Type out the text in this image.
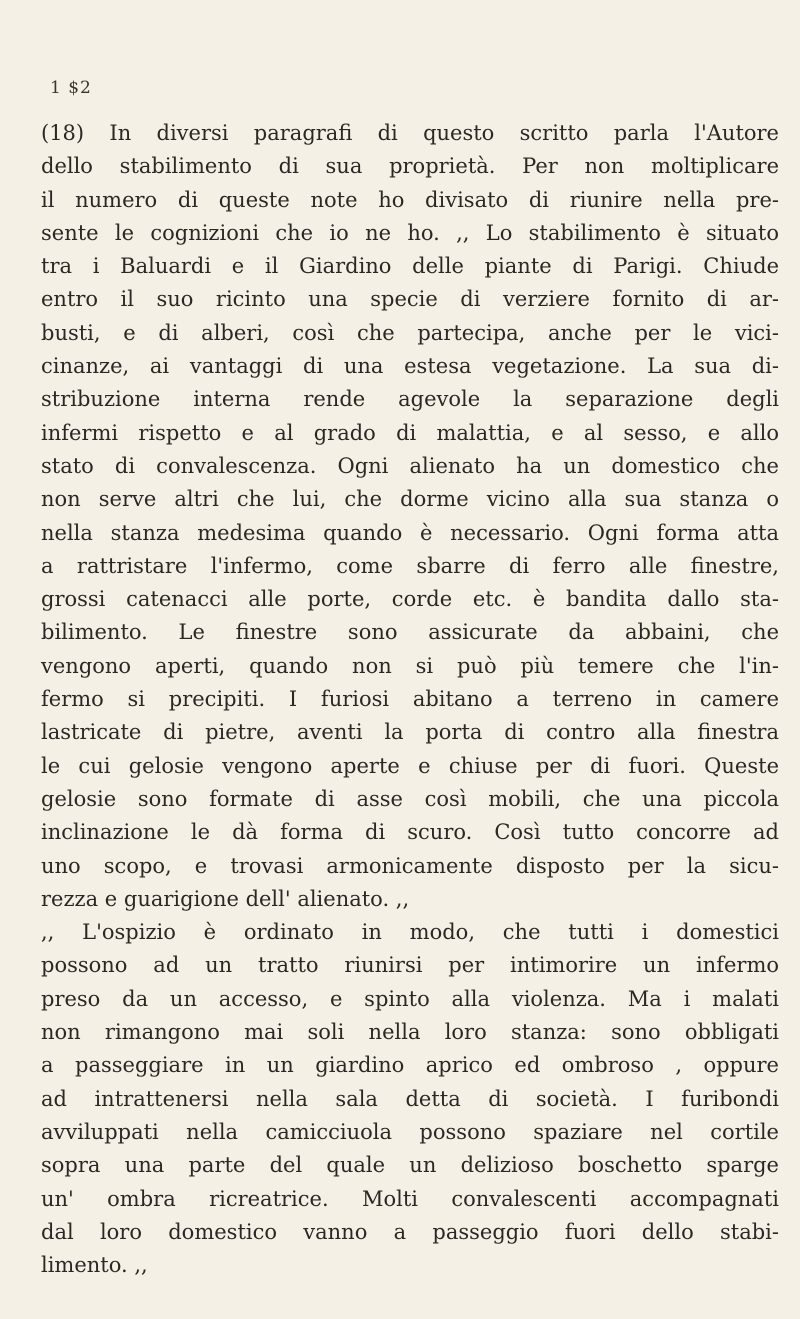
1 $2
(18) In diversi paragrafi di questo scritto parla l'Autore
dello stabilimento di sua proprietà. Per non moltiplicare
il numero di queste note ho divisato di riunire nella pre-
sente le cognizioni che io ne ho. ,, Lo stabilimento è situato
tra i Baluardi e il Giardino delle piante di Parigi. Chiude
entro il suo ricinto una specie di verziere fornito di ar-
busti, e di alberi, così che partecipa, anche per le vici-
cinanze, ai vantaggi di una estesa vegetazione. La sua di-
stribuzione interna rende agevole la separazione degli
infermi rispetto e al grado di malattia, e al sesso, e allo
stato di convalescenza. Ogni alienato ha un domestico che
non serve altri che lui, che dorme vicino alla sua stanza o
nella stanza medesima quando è necessario. Ogni forma atta
a rattristare l'infermo, come sbarre di ferro alle finestre,
grossi catenacci alle porte, corde etc. è bandita dallo sta-
bilimento. Le finestre sono assicurate da abbaini, che
vengono aperti, quando non si può più temere che l'in-
fermo si precipiti. I furiosi abitano a terreno in camere
lastricate di pietre, aventi la porta di contro alla finestra
le cui gelosie vengono aperte e chiuse per di fuori. Queste
gelosie sono formate di asse così mobili, che una piccola
inclinazione le dà forma di scuro. Così tutto concorre ad
uno scopo, e trovasi armonicamente disposto per la sicu-
rezza e guarigione dell' alienato. ,,
,, L'ospizio è ordinato in modo, che tutti i domestici
possono ad un tratto riunirsi per intimorire un infermo
preso da un accesso, e spinto alla violenza. Ma i malati
non rimangono mai soli nella loro stanza: sono obbligati
a passeggiare in un giardino aprico ed ombroso , oppure
ad intrattenersi nella sala detta di società. I furibondi
avviluppati nella camicciuola possono spaziare nel cortile
sopra una parte del quale un delizioso boschetto sparge
un' ombra ricreatrice. Molti convalescenti accompagnati
dal loro domestico vanno a passeggio fuori dello stabi-
limento. ,,
